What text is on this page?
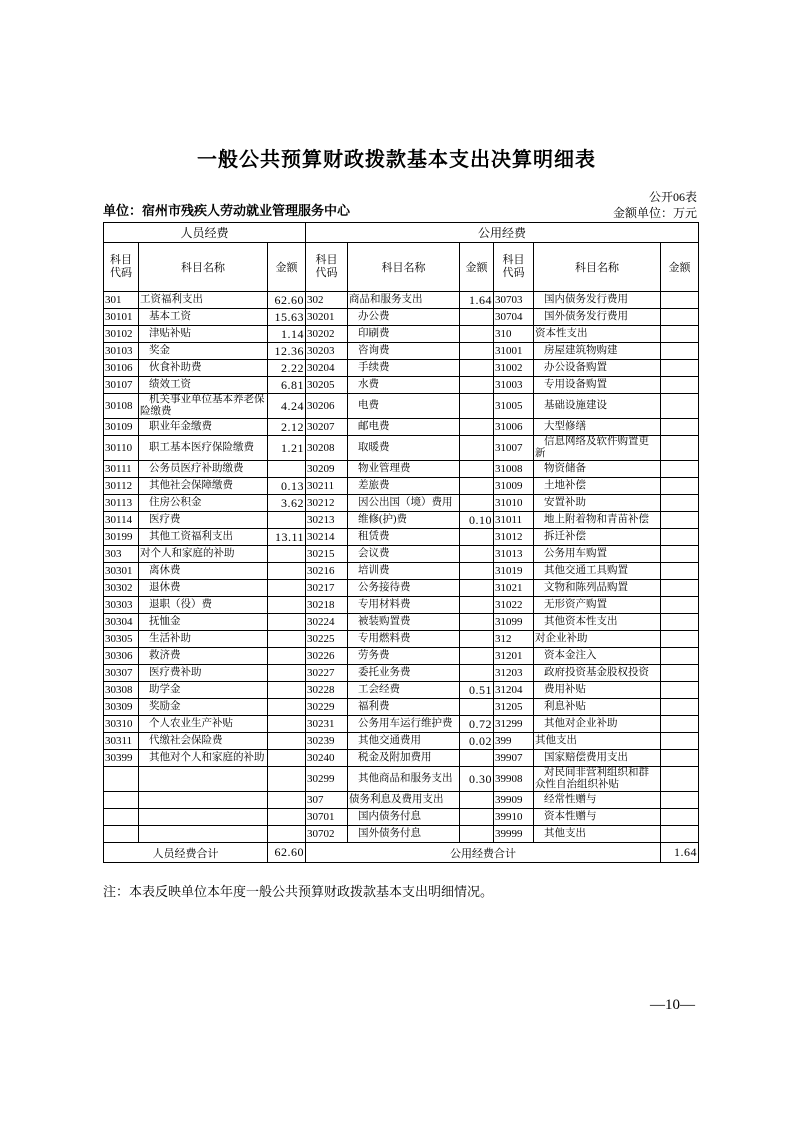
一般公共预算财政拨款基本支出决算明细表
公开06表
单位：宿州市残疾人劳动就业管理服务中心	金额单位：万元
人员经费			公用经费					
科目代码	科目名称	金额	科目代码	科目名称	金额	科目代码	科目名称	金额
301	工资福利支出	62.60	302	商品和服务支出	1.64	30703	国内债务发行费用	
30101	基本工资	15.63	30201	办公费		30704	国外债务发行费用	
30102	津贴补贴	1.14	30202	印刷费		310	资本性支出	
30103	奖金	12.36	30203	咨询费		31001	房屋建筑物购建	
30106	伙食补助费	2.22	30204	手续费		31002	办公设备购置	
30107	绩效工资	6.81	30205	水费		31003	专用设备购置	
30108	机关事业单位基本养老保险缴费	4.24	30206	电费		31005	基础设施建设	
30109	职业年金缴费	2.12	30207	邮电费		31006	大型修缮	
30110	职工基本医疗保险缴费	1.21	30208	取暖费		31007	信息网络及软件购置更新	
30111	公务员医疗补助缴费		30209	物业管理费		31008	物资储备	
30112	其他社会保障缴费	0.13	30211	差旅费		31009	土地补偿	
30113	住房公积金	3.62	30212	因公出国（境）费用		31010	安置补助	
30114	医疗费		30213	维修(护)费	0.10	31011	地上附着物和青苗补偿	
30199	其他工资福利支出	13.11	30214	租赁费		31012	拆迁补偿	
303	对个人和家庭的补助		30215	会议费		31013	公务用车购置	
30301	离休费		30216	培训费		31019	其他交通工具购置	
30302	退休费		30217	公务接待费		31021	文物和陈列品购置	
30303	退职（役）费		30218	专用材料费		31022	无形资产购置	
30304	抚恤金		30224	被装购置费		31099	其他资本性支出	
30305	生活补助		30225	专用燃料费		312	对企业补助	
30306	救济费		30226	劳务费		31201	资本金注入	
30307	医疗费补助		30227	委托业务费		31203	政府投资基金股权投资	
30308	助学金		30228	工会经费	0.51	31204	费用补贴	
30309	奖励金		30229	福利费		31205	利息补贴	
30310	个人农业生产补贴		30231	公务用车运行维护费	0.72	31299	其他对企业补助	
30311	代缴社会保险费		30239	其他交通费用	0.02	399	其他支出	
30399	其他对个人和家庭的补助		30240	税金及附加费用		39907	国家赔偿费用支出	
			30299	其他商品和服务支出	0.30	39908	对民间非营利组织和群众性自治组织补贴	
			307	债务利息及费用支出		39909	经常性赠与	
			30701	国内债务付息		39910	资本性赠与	
			30702	国外债务付息		39999	其他支出	
人员经费合计		62.60	公用经费合计					1.64
注：本表反映单位本年度一般公共预算财政拨款基本支出明细情况。
—10—
